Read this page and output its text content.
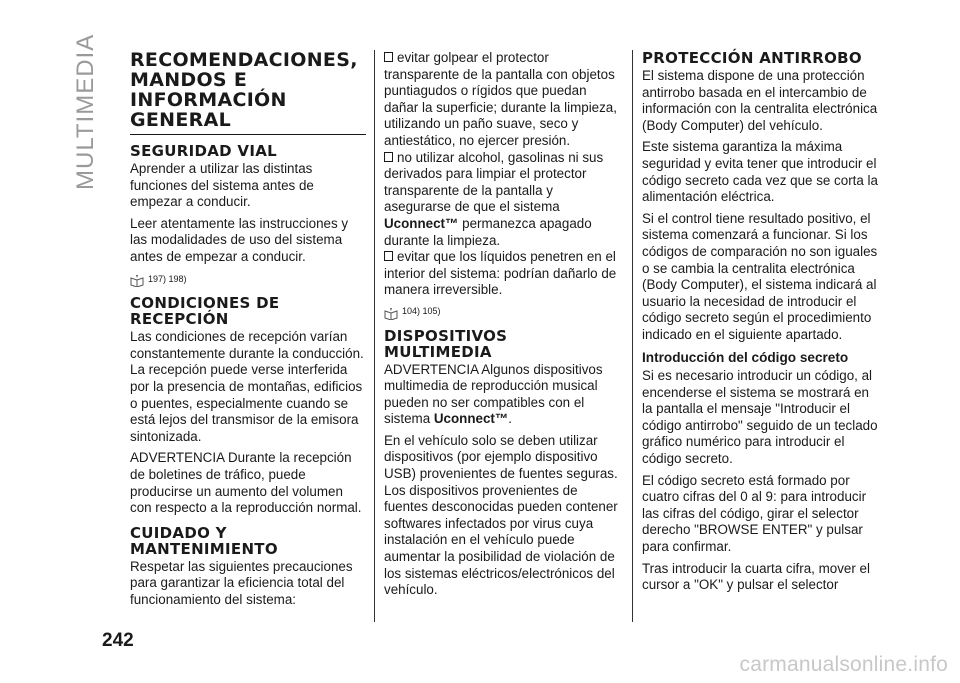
MULTIMEDIA RECOMENDACIONES, MANDOS E INFORMACIÓN GENERAL
SEGURIDAD VIAL

Aprender a utilizar las distintas funciones del sistema antes de empezar a conducir.

Leer atentamente las instrucciones y las modalidades de uso del sistema antes de empezar a conducir.

197) 198)
CONDICIONES DE RECEPCIÓN

Las condiciones de recepción varían constantemente durante la conducción. La recepción puede verse interferida por la presencia de montañas, edificios o puentes, especialmente cuando se está lejos del transmisor de la emisora sintonizada.

ADVERTENCIA Durante la recepción de boletines de tráfico, puede producirse un aumento del volumen con respecto a la reproducción normal.

CUIDADO Y MANTENIMIENTO

Respetar las siguientes precauciones para garantizar la eficiencia total del funcionamiento del sistema:

evitar golpear el protector transparente de la pantalla con objetos puntiagudos o rígidos que puedan dañar la superficie; durante la limpieza, utilizando un paño suave, seco y antiestático, no ejercer presión.

no utilizar alcohol, gasolinas ni sus derivados para limpiar el protector transparente de la pantalla y asegurarse de que el sistema Uconnect™ permanezca apagado durante la limpieza.

evitar que los líquidos penetren en el interior del sistema: podrían dañarlo de manera irreversible.

104) 105)
DISPOSITIVOS MULTIMEDIA

ADVERTENCIA Algunos dispositivos multimedia de reproducción musical pueden no ser compatibles con el sistema Uconnect™.

En el vehículo solo se deben utilizar dispositivos (por ejemplo dispositivo USB) provenientes de fuentes seguras. Los dispositivos provenientes de fuentes desconocidas pueden contener softwares infectados por virus cuya instalación en el vehículo puede aumentar la posibilidad de violación de los sistemas eléctricos/electrónicos del vehículo.

PROTECCIÓN ANTIRROBO

El sistema dispone de una protección antirrobo basada en el intercambio de información con la centralita electrónica (Body Computer) del vehículo.

Este sistema garantiza la máxima seguridad y evita tener que introducir el código secreto cada vez que se corta la alimentación eléctrica.

Si el control tiene resultado positivo, el sistema comenzará a funcionar. Si los códigos de comparación no son iguales o se cambia la centralita electrónica (Body Computer), el sistema indicará al usuario la necesidad de introducir el código secreto según el procedimiento indicado en el siguiente apartado.

Introducción del código secreto

Si es necesario introducir un código, al encenderse el sistema se mostrará en la pantalla el mensaje "Introducir el código antirrobo" seguido de un teclado gráfico numérico para introducir el código secreto.

El código secreto está formado por cuatro cifras del 0 al 9: para introducir las cifras del código, girar el selector derecho "BROWSE ENTER" y pulsar para confirmar.

Tras introducir la cuarta cifra, mover el cursor a "OK" y pulsar el selector

242
carmanualsonline.info
